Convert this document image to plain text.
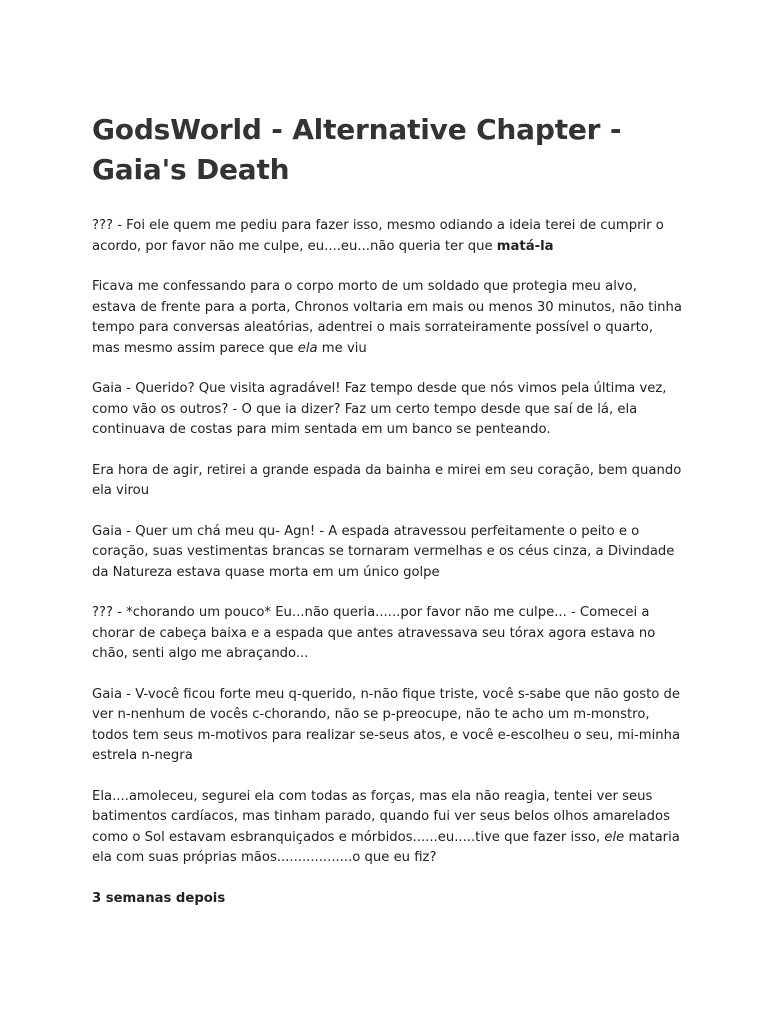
GodsWorld - Alternative Chapter - Gaia's Death

??? - Foi ele quem me pediu para fazer isso, mesmo odiando a ideia terei de cumprir o acordo, por favor não me culpe, eu....eu...não queria ter que matá-la

Ficava me confessando para o corpo morto de um soldado que protegia meu alvo, estava de frente para a porta, Chronos voltaria em mais ou menos 30 minutos, não tinha tempo para conversas aleatórias, adentrei o mais sorrateiramente possível o quarto, mas mesmo assim parece que ela me viu

Gaia - Querido? Que visita agradável! Faz tempo desde que nós vimos pela última vez, como vão os outros? - O que ia dizer? Faz um certo tempo desde que saí de lá, ela continuava de costas para mim sentada em um banco se penteando.

Era hora de agir, retirei a grande espada da bainha e mirei em seu coração, bem quando ela virou

Gaia - Quer um chá meu qu- Agn! - A espada atravessou perfeitamente o peito e o coração, suas vestimentas brancas se tornaram vermelhas e os céus cinza, a Divindade da Natureza estava quase morta em um único golpe

??? - *chorando um pouco* Eu...não queria......por favor não me culpe... - Comecei a chorar de cabeça baixa e a espada que antes atravessava seu tórax agora estava no chão, senti algo me abraçando...

Gaia - V-você ficou forte meu q-querido, n-não fique triste, você s-sabe que não gosto de ver n-nenhum de vocês c-chorando, não se p-preocupe, não te acho um m-monstro, todos tem seus m-motivos para realizar se-seus atos, e você e-escolheu o seu, mi-minha estrela n-negra

Ela....amoleceu, segurei ela com todas as forças, mas ela não reagia, tentei ver seus batimentos cardíacos, mas tinham parado, quando fui ver seus belos olhos amarelados como o Sol estavam esbranquiçados e mórbidos......eu.....tive que fazer isso, ele mataria ela com suas próprias mãos..................o que eu fiz?

3 semanas depois
